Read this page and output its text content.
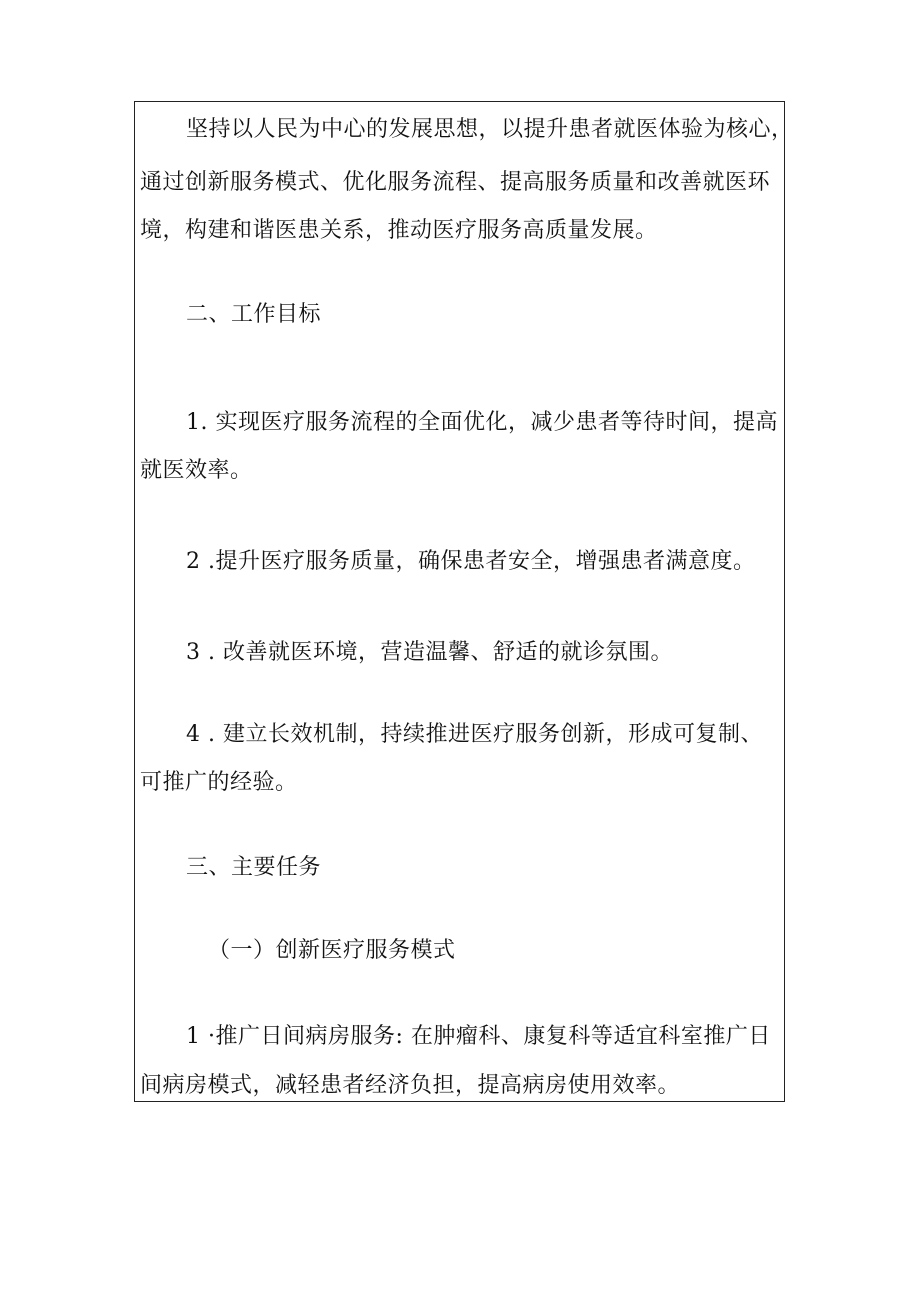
坚持以人民为中心的发展思想，以提升患者就医体验为核心，
通过创新服务模式、优化服务流程、提高服务质量和改善就医环
境，构建和谐医患关系，推动医疗服务高质量发展。
二、工作目标
1. 实现医疗服务流程的全面优化，减少患者等待时间，提高
就医效率。
2 .提升医疗服务质量，确保患者安全，增强患者满意度。
3 . 改善就医环境，营造温馨、舒适的就诊氛围。
4 . 建立长效机制，持续推进医疗服务创新，形成可复制、
可推广的经验。
三、主要任务
（一）创新医疗服务模式
1 ·推广日间病房服务: 在肿瘤科、康复科等适宜科室推广日
间病房模式，减轻患者经济负担，提高病房使用效率。
